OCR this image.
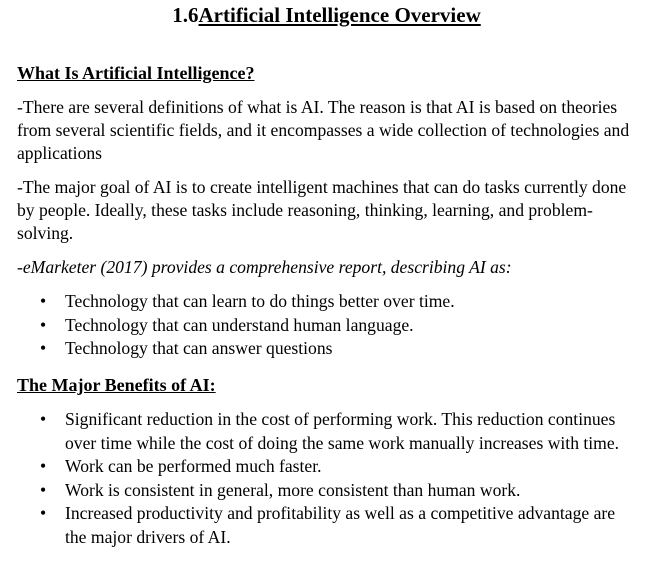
1.6Artificial Intelligence Overview
What Is Artificial Intelligence?
-There are several definitions of what is AI. The reason is that AI is based on theories from several scientific fields, and it encompasses a wide collection of technologies and applications
-The major goal of AI is to create intelligent machines that can do tasks currently done by people. Ideally, these tasks include reasoning, thinking, learning, and problem-solving.
-eMarketer (2017) provides a comprehensive report, describing AI as:
•	Technology that can learn to do things better over time.
•	Technology that can understand human language.
•	Technology that can answer questions
The Major Benefits of AI:
•	Significant reduction in the cost of performing work. This reduction continues over time while the cost of doing the same work manually increases with time.
•	Work can be performed much faster.
•	Work is consistent in general, more consistent than human work.
•	Increased productivity and profitability as well as a competitive advantage are the major drivers of AI.
